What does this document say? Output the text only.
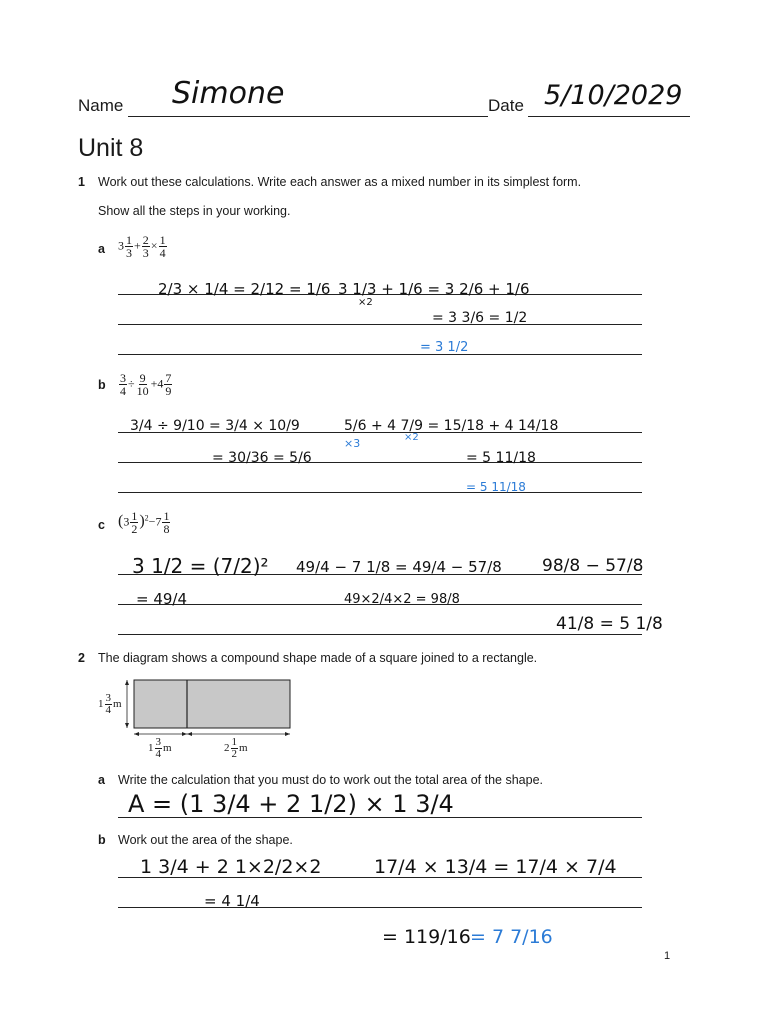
Name Simone	Date 5/10/2029
Unit 8
1 Work out these calculations. Write each answer as a mixed number in its simplest form.
Show all the steps in your working.
a $3 \frac{1}{3} + \frac{2}{3} \times \frac{1}{4}$
2/3 × 1/4 = 2/12 = 1/6 3 1/3 + 1/6 = 3 2/6 + 1/6
×2
= 3 3/6 = 1/2
= 3 1/2
b $\frac{3}{4} \div \frac{9}{10} +4 \frac{7}{9}$
3/4 ÷ 9/10 = 3/4 × 10/9	5/6 + 4 7/9 = 15/18 + 4 14/18
×3	×2
= 30/36 = 5/6	= 5 11/18
= 5 11/18
c $(3 \frac{1}{2} )^2-7 \frac{1}{8}$
3 1/2 = (7/2)² 49/4 − 7 1/8 = 49/4 − 57/8 98/8 − 57/8
= 49/4	49×2/4×2 = 98/8
41/8 = 5 1/8
2 The diagram shows a compound shape made of a square joined to a rectangle.
$1 \frac{3}{4}$ m
$1 \frac{3}{4}$ m	$2 \frac{1}{2}$ m
a Write the calculation that you must do to work out the total area of the shape.
A = (1 3/4 + 2 1/2) × 1 3/4
b Work out the area of the shape.
1 3/4 + 2 1×2/2×2
= 4 1/4
17/4 × 13/4 = 17/4 × 7/4
= 119/16 = 7 7/16
1
